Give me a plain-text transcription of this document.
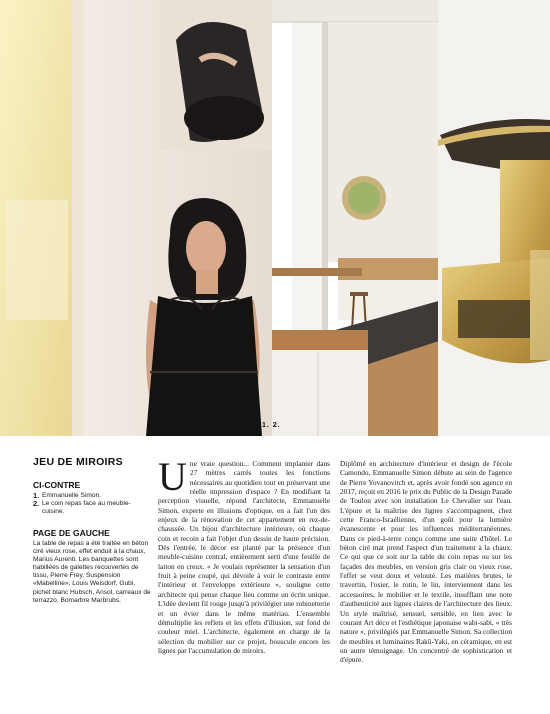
1. 2.
JEU DE MIROIRS
CI-CONTRE
1. Emmanuelle Simon.
2. Le coin repas face au meuble-cuisine.
PAGE DE GAUCHE

La table de repas a été traitée en béton ciré vieux rose, effet enduit à la chaux, Marius Aurenti. Les banquettes sont habillées de galettes recouvertes de tissu, Pierre Frey. Suspension «Mabelline», Louis Weisdorf, Gubi, pichet blanc Hubsch, Ansol, carreaux de terrazzo, Bomarbre Marbrubs.

U ne vraie question... Comment implanter dans 27 mètres carrés toutes les fonctions nécessaires au quotidien tout en préservant une réelle impression d'espace ? En modifiant la perception visuelle, répond l'architecte, Emmanuelle Simon, experte en illusions d'optique, en a fait l'un des enjeux de la rénovation de cet appartement en rez-de-chaussée. Un bijou d'architecture intérieure, où chaque coin et recoin a fait l'objet d'un dessin de haute précision. Dès l'entrée, le décor est planté par la présence d'un meuble-cuisine central, entièrement serti d'une feuille de laiton en creux. « Je voulais représenter la sensation d'un fruit à peine coupé, qui dévoile à voir le contraste entre l'intérieur et l'enveloppe extérieure », souligne cette architecte qui pense chaque lieu comme un écrin unique. L'idée devient fil rouge jusqu'à privilégier une robinetterie et un évier dans le même matériau. L'ensemble démultiplie les reflets et les effets d'illusion, sur fond de couleur miel. L'architecte, également en charge de la sélection du mobilier sur ce projet, bouscule encore les lignes par l'accumulation de miroirs.

Diplômé en architecture d'intérieur et design de l'école Camondo, Emmanuelle Simon débute au sein de l'agence de Pierre Yovanovitch et, après avoir fondé son agence en 2017, reçoit en 2016 le prix du Public de la Design Parade de Toulon avec son installation Le Chevalier sur l'eau. L'épure et la maîtrise des lignes s'accompagnent, chez cette Franco-Israélienne, d'un goût pour la lumière évanescente et pour les influences méditerranéennes. Dans ce pied-à-terre conçu comme une suite d'hôtel. Le béton ciré mat prend l'aspect d'un traitement à la chaux. Ce qui que ce soit sur la table du coin repas ou sur les façades des meubles, en version gris clair ou vieux rose, l'effet se veut doux et velouté. Les matières brutes, le travertin, l'osier, le rotin, le lin, interviennent dans les accessoires, le mobilier et le textile, insufflant une note d'authenticité aux lignes claires de l'architecture des lieux. Un style maîtrisé, sensuel, sensible, en lien avec le courant Art déco et l'esthétique japonaise wabi-sabi, « très nature », privilégiés par Emmanuelle Simon. Sa collection de meubles et luminaires Rakū-Yaki, en céramique, en est un autre témoignage. Un concentré de sophistication et d'épure.
